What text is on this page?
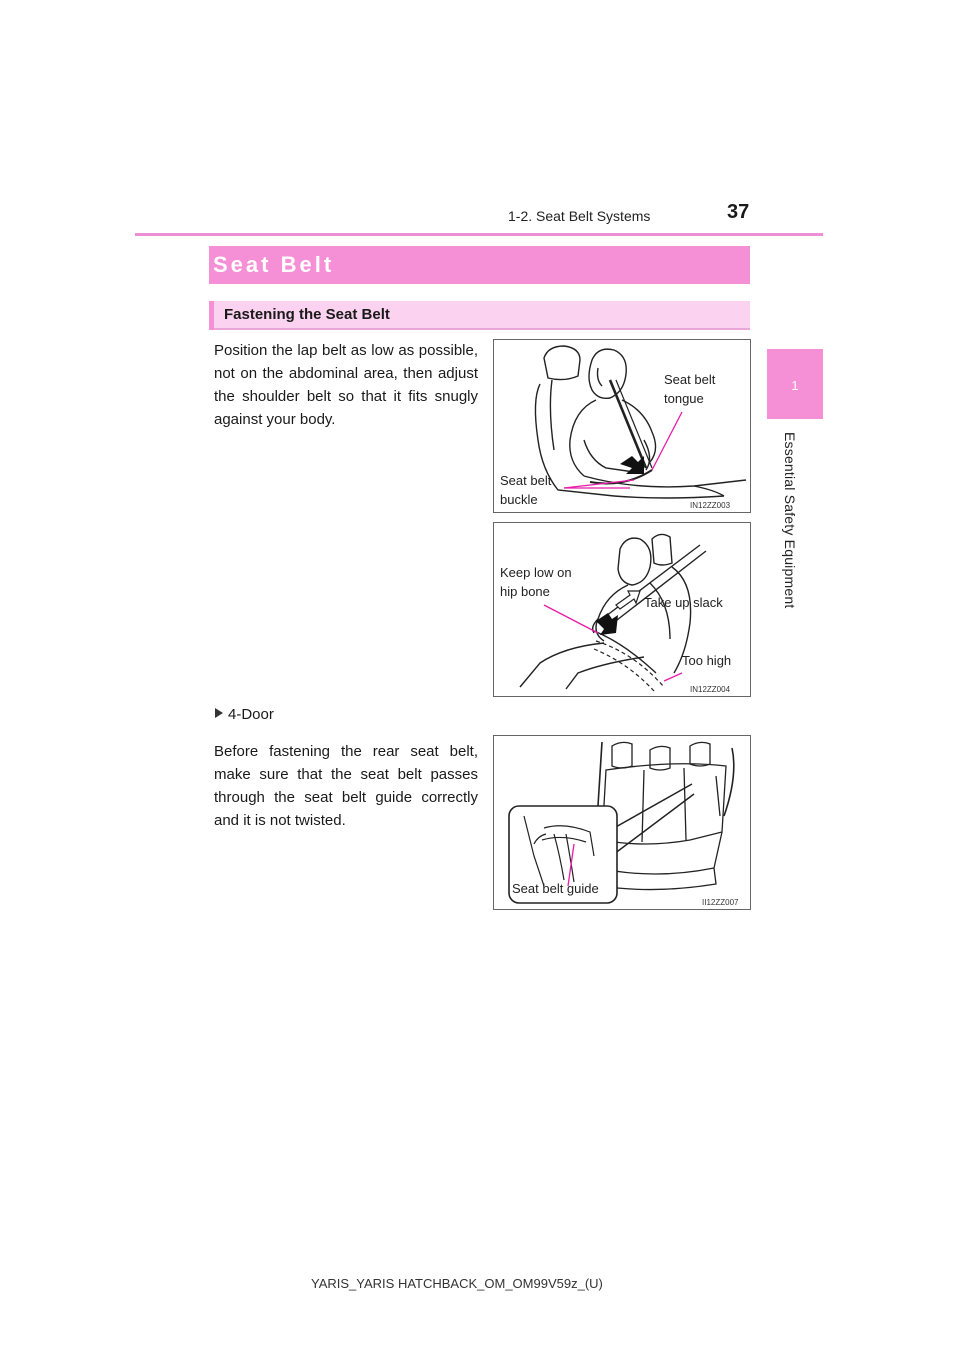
1-2. Seat Belt Systems	37
1
Essential Safety Equipment
Seat Belt
Fastening the Seat Belt
Position the lap belt as low as possible, not on the abdominal area, then adjust the shoulder belt so that it fits snugly against your body.
4-Door
Before fastening the rear seat belt, make sure that the seat belt passes through the seat belt guide correctly and it is not twisted.
Seat belt
tongue
Seat belt
buckle	IN12ZZ003
Keep low on
hip bone
Take up slack
Too high
IN12ZZ004
Seat belt guide
II12ZZ007
YARIS_YARIS HATCHBACK_OM_OM99V59z_(U)
